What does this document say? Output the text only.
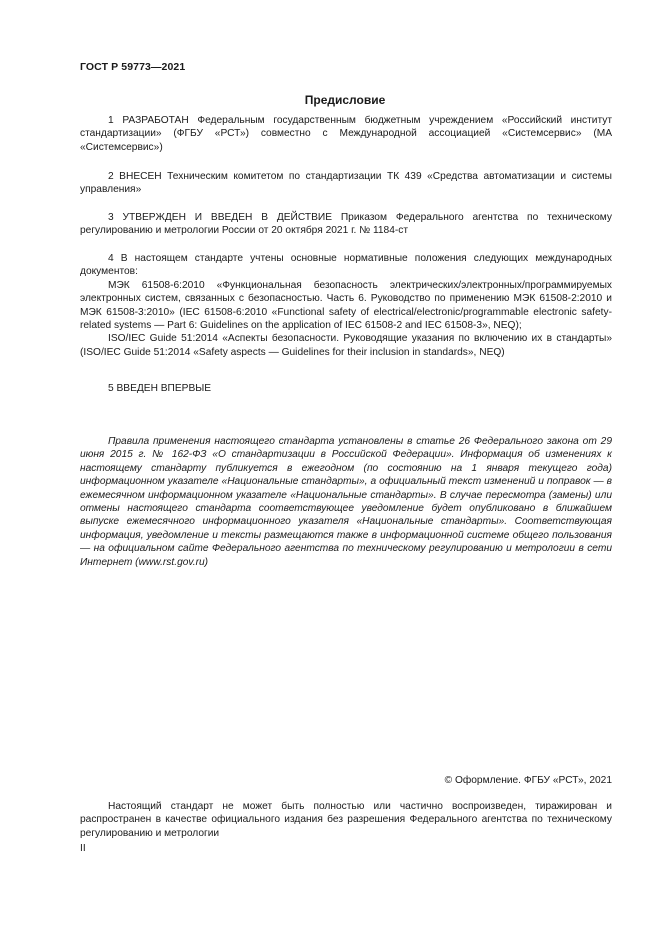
ГОСТ Р 59773—2021
Предисловие

1 РАЗРАБОТАН Федеральным государственным бюджетным учреждением «Российский институт стандартизации» (ФГБУ «РСТ») совместно с Международной ассоциацией «Системсервис» (МА «Системсервис»)

2 ВНЕСЕН Техническим комитетом по стандартизации ТК 439 «Средства автоматизации и системы управления»

3 УТВЕРЖДЕН И ВВЕДЕН В ДЕЙСТВИЕ Приказом Федерального агентства по техническому регулированию и метрологии России от 20 октября 2021 г. № 1184-ст

4 В настоящем стандарте учтены основные нормативные положения следующих международных документов:

МЭК 61508-6:2010 «Функциональная безопасность электрических/электронных/программируемых электронных систем, связанных с безопасностью. Часть 6. Руководство по применению МЭК 61508-2:2010 и МЭК 61508-3:2010» (IEC 61508-6:2010 «Functional safety of electrical/electronic/programmable electronic safety-related systems — Part 6: Guidelines on the application of IEC 61508-2 and IEC 61508-3», NEQ);

ISO/IEC Guide 51:2014 «Аспекты безопасности. Руководящие указания по включению их в стандарты» (ISO/IEC Guide 51:2014 «Safety aspects — Guidelines for their inclusion in standards», NEQ)

5 ВВЕДЕН ВПЕРВЫЕ

Правила применения настоящего стандарта установлены в статье 26 Федерального закона от 29 июня 2015 г. № 162-ФЗ «О стандартизации в Российской Федерации». Информация об изменениях к настоящему стандарту публикуется в ежегодном (по состоянию на 1 января текущего года) информационном указателе «Национальные стандарты», а официальный текст изменений и поправок — в ежемесячном информационном указателе «Национальные стандарты». В случае пересмотра (замены) или отмены настоящего стандарта соответствующее уведомление будет опубликовано в ближайшем выпуске ежемесячного информационного указателя «Национальные стандарты». Соответствующая информация, уведомление и тексты размещаются также в информационной системе общего пользования — на официальном сайте Федерального агентства по техническому регулированию и метрологии в сети Интернет (www.rst.gov.ru)

© Оформление. ФГБУ «РСТ», 2021

Настоящий стандарт не может быть полностью или частично воспроизведен, тиражирован и распространен в качестве официального издания без разрешения Федерального агентства по техническому регулированию и метрологии

II
